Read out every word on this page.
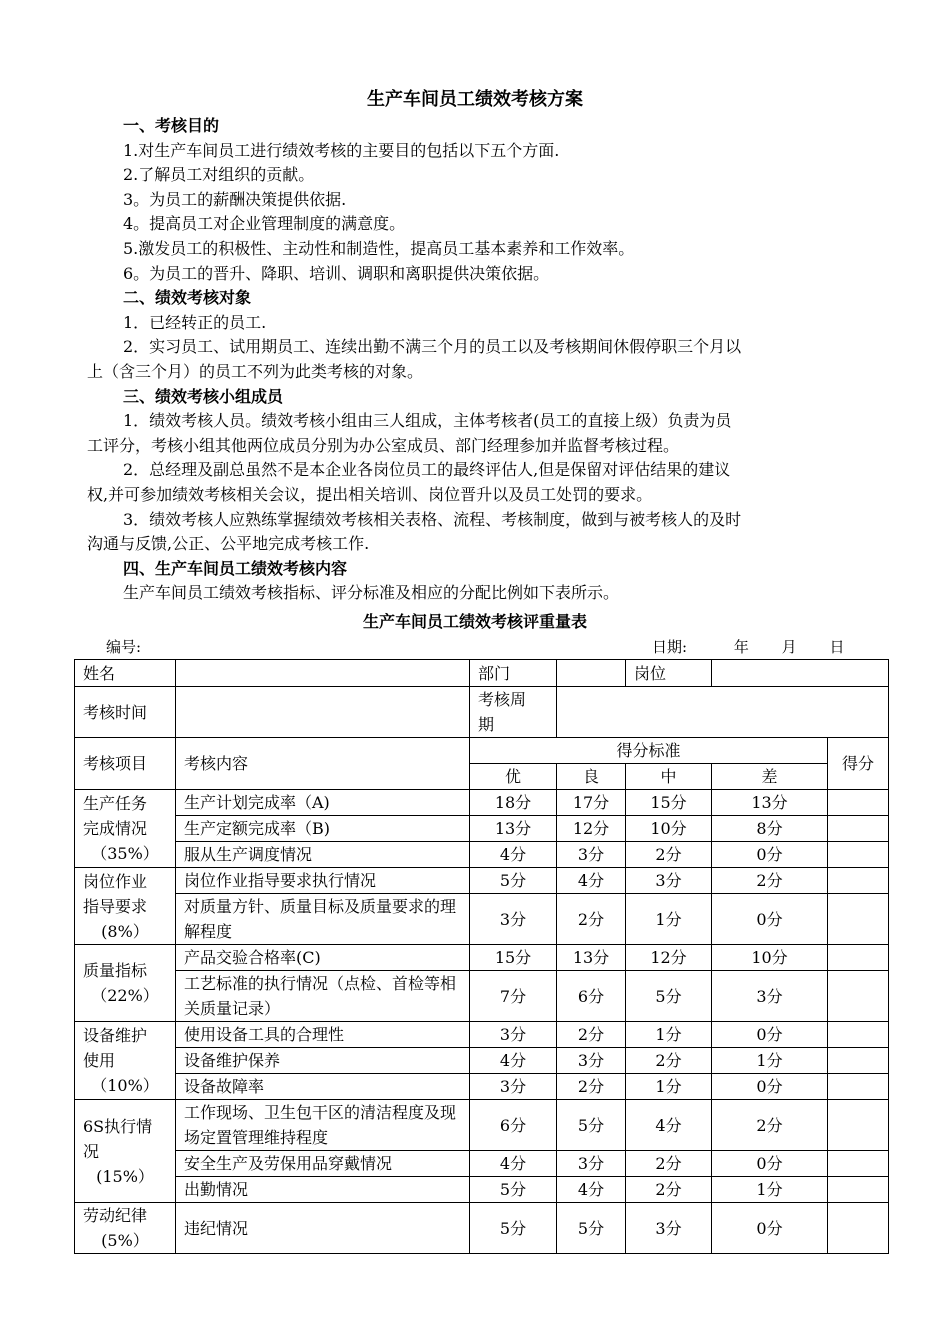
生产车间员工绩效考核方案

一、考核目的

1.对生产车间员工进行绩效考核的主要目的包括以下五个方面.

2.了解员工对组织的贡献。

3。为员工的薪酬决策提供依据.

4。提高员工对企业管理制度的满意度。

5.激发员工的积极性、主动性和制造性，提高员工基本素养和工作效率。

6。为员工的晋升、降职、培训、调职和离职提供决策依据。

二、绩效考核对象

1．已经转正的员工.

2．实习员工、试用期员工、连续出勤不满三个月的员工以及考核期间休假停职三个月以

上（含三个月）的员工不列为此类考核的对象。

三、绩效考核小组成员

1．绩效考核人员。绩效考核小组由三人组成，主体考核者(员工的直接上级）负责为员

工评分，考核小组其他两位成员分别为办公室成员、部门经理参加并监督考核过程。

2．总经理及副总虽然不是本企业各岗位员工的最终评估人,但是保留对评估结果的建议

权,并可参加绩效考核相关会议，提出相关培训、岗位晋升以及员工处罚的要求。

3．绩效考核人应熟练掌握绩效考核相关表格、流程、考核制度，做到与被考核人的及时

沟通与反馈,公正、公平地完成考核工作.

四、生产车间员工绩效考核内容

生产车间员工绩效考核指标、评分标准及相应的分配比例如下表所示。

生产车间员工绩效考核评重量表
编号:	日期:	年 月 日
姓名		部门		岗位		
考核时间		考核周
期				
考核项目	考核内容	得分标准				得分
		优	良	中	差	

生产任务
完成情况
（35%）	生产计划完成率（A)	18分	17分	15分	13分	
	生产定额完成率（B)	13分	12分	10分	8分	
	服从生产调度情况	4分	3分	2分	0分	

岗位作业
指导要求
(8%）	岗位作业指导要求执行情况	5分	4分	3分	2分	
	对质量方针、质量目标及质量要求的理解程度	3分	2分	1分	0分	

质量指标
（22%）	产品交验合格率(C)	15分	13分	12分	10分	
	工艺标准的执行情况（点检、首检等相关质量记录）	7分	6分	5分	3分	

设备维护
使用
（10%）	使用设备工具的合理性	3分	2分	1分	0分	
	设备维护保养	4分	3分	2分	1分	
	设备故障率	3分	2分	1分	0分	

6S执行情
况
(15%）	工作现场、卫生包干区的清洁程度及现场定置管理维持程度	6分	5分	4分	2分	
	安全生产及劳保用品穿戴情况	4分	3分	2分	0分	
	出勤情况	5分	4分	2分	1分	

劳动纪律
(5%）	违纪情况	5分	5分	3分	0分	
